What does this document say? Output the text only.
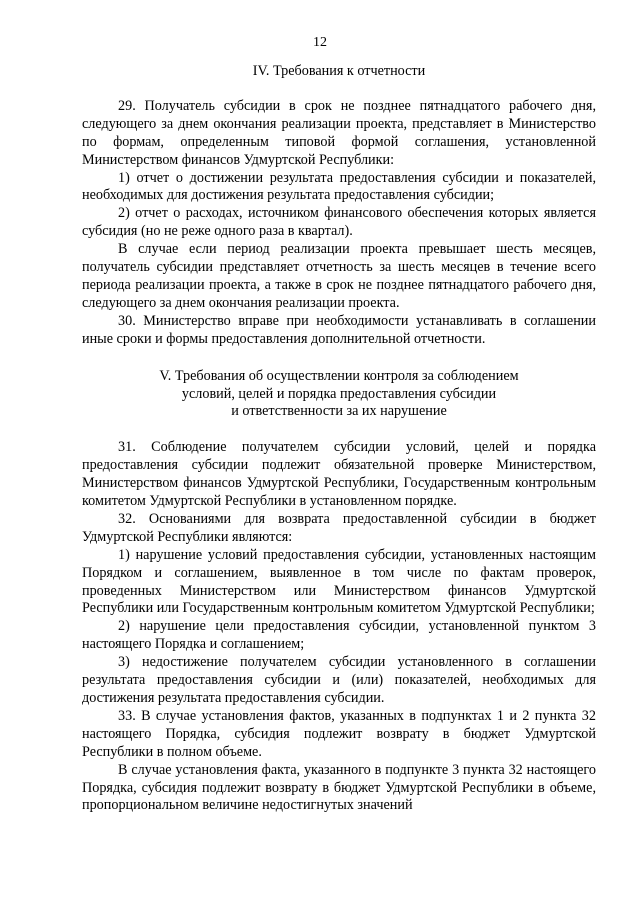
12
IV. Требования к отчетности

29. Получатель субсидии в срок не позднее пятнадцатого рабочего дня, следующего за днем окончания реализации проекта, представляет в Министерство по формам, определенным типовой формой соглашения, установленной Министерством финансов Удмуртской Республики:

1) отчет о достижении результата предоставления субсидии и показателей, необходимых для достижения результата предоставления субсидии;

2) отчет о расходах, источником финансового обеспечения которых является субсидия (но не реже одного раза в квартал).

В случае если период реализации проекта превышает шесть месяцев, получатель субсидии представляет отчетность за шесть месяцев в течение всего периода реализации проекта, а также в срок не позднее пятнадцатого рабочего дня, следующего за днем окончания реализации проекта.

30. Министерство вправе при необходимости устанавливать в соглашении иные сроки и формы предоставления дополнительной отчетности.

V. Требования об осуществлении контроля за соблюдением
условий, целей и порядка предоставления субсидии
и ответственности за их нарушение

31. Соблюдение получателем субсидии условий, целей и порядка предоставления субсидии подлежит обязательной проверке Министерством, Министерством финансов Удмуртской Республики, Государственным контрольным комитетом Удмуртской Республики в установленном порядке.

32. Основаниями для возврата предоставленной субсидии в бюджет Удмуртской Республики являются:

1) нарушение условий предоставления субсидии, установленных настоящим Порядком и соглашением, выявленное в том числе по фактам проверок, проведенных Министерством или Министерством финансов Удмуртской Республики или Государственным контрольным комитетом Удмуртской Республики;

2) нарушение цели предоставления субсидии, установленной пунктом 3 настоящего Порядка и соглашением;

3) недостижение получателем субсидии установленного в соглашении результата предоставления субсидии и (или) показателей, необходимых для достижения результата предоставления субсидии.

33. В случае установления фактов, указанных в подпунктах 1 и 2 пункта 32 настоящего Порядка, субсидия подлежит возврату в бюджет Удмуртской Республики в полном объеме.

В случае установления факта, указанного в подпункте 3 пункта 32 настоящего Порядка, субсидия подлежит возврату в бюджет Удмуртской Республики в объеме, пропорциональном величине недостигнутых значений
